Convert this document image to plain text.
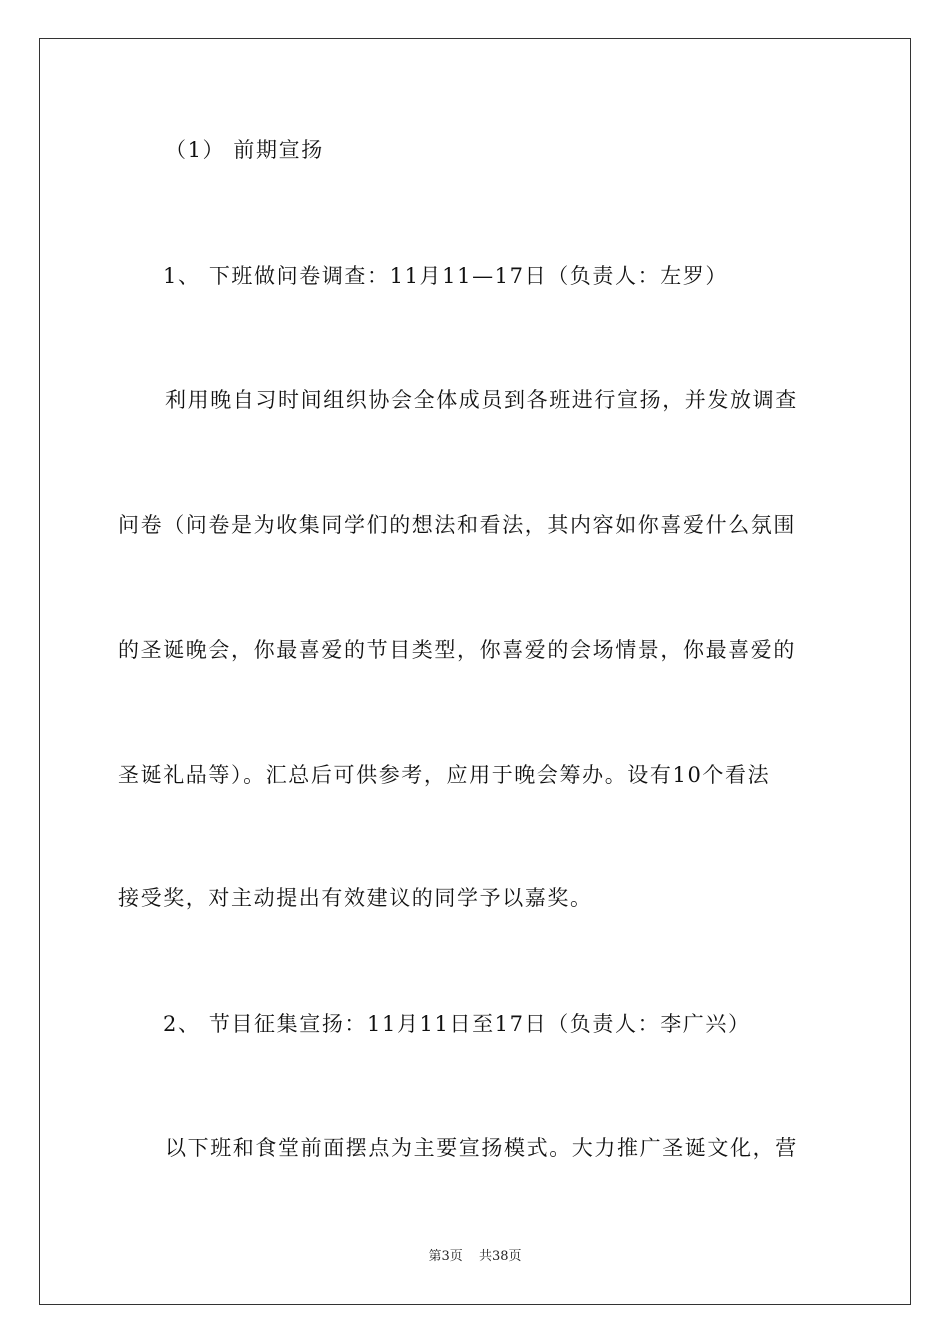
（1） 前期宣扬
1、 下班做问卷调查：11月11—17日（负责人：左罗）
利用晚自习时间组织协会全体成员到各班进行宣扬，并发放调查
问卷（问卷是为收集同学们的想法和看法，其内容如你喜爱什么氛围
的圣诞晚会，你最喜爱的节目类型，你喜爱的会场情景，你最喜爱的
圣诞礼品等）。汇总后可供参考，应用于晚会筹办。设有10个看法
接受奖，对主动提出有效建议的同学予以嘉奖。
2、 节目征集宣扬：11月11日至17日（负责人：李广兴）
以下班和食堂前面摆点为主要宣扬模式。大力推广圣诞文化，营
第3页 共38页
